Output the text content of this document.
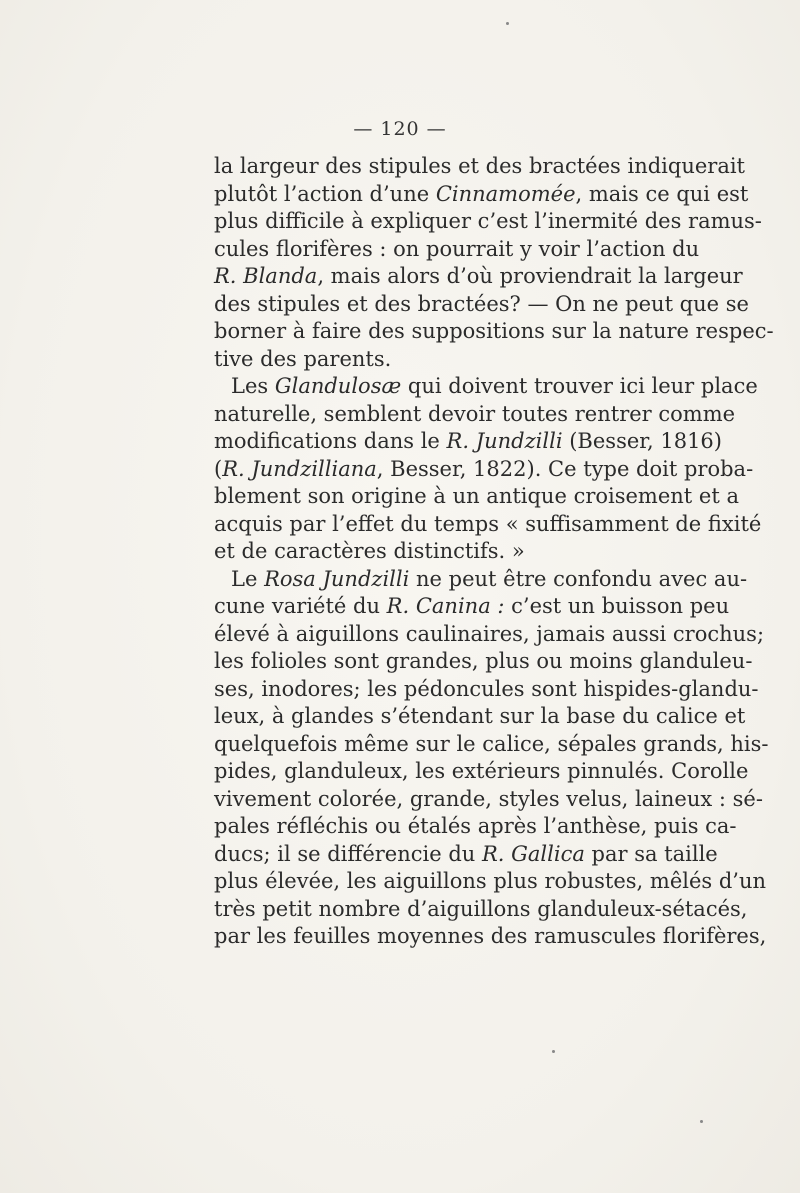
— 120 —
la largeur des stipules et des bractées indiquerait
plutôt l’action d’une Cinnamomée, mais ce qui est
plus difficile à expliquer c’est l’inermité des ramus-
cules florifères : on pourrait y voir l’action du
R. Blanda, mais alors d’où proviendrait la largeur
des stipules et des bractées? — On ne peut que se
borner à faire des suppositions sur la nature respec-
tive des parents.
Les Glandulosæ qui doivent trouver ici leur place
naturelle, semblent devoir toutes rentrer comme
modifications dans le R. Jundzilli (Besser, 1816)
(R. Jundzilliana, Besser, 1822). Ce type doit proba-
blement son origine à un antique croisement et a
acquis par l’effet du temps « suffisamment de fixité
et de caractères distinctifs. »
Le Rosa Jundzilli ne peut être confondu avec au-
cune variété du R. Canina : c’est un buisson peu
élevé à aiguillons caulinaires, jamais aussi crochus;
les folioles sont grandes, plus ou moins glanduleu-
ses, inodores; les pédoncules sont hispides-glandu-
leux, à glandes s’étendant sur la base du calice et
quelquefois même sur le calice, sépales grands, his-
pides, glanduleux, les extérieurs pinnulés. Corolle
vivement colorée, grande, styles velus, laineux : sé-
pales réfléchis ou étalés après l’anthèse, puis ca-
ducs; il se différencie du R. Gallica par sa taille
plus élevée, les aiguillons plus robustes, mêlés d’un
très petit nombre d’aiguillons glanduleux-sétacés,
par les feuilles moyennes des ramuscules florifères,
